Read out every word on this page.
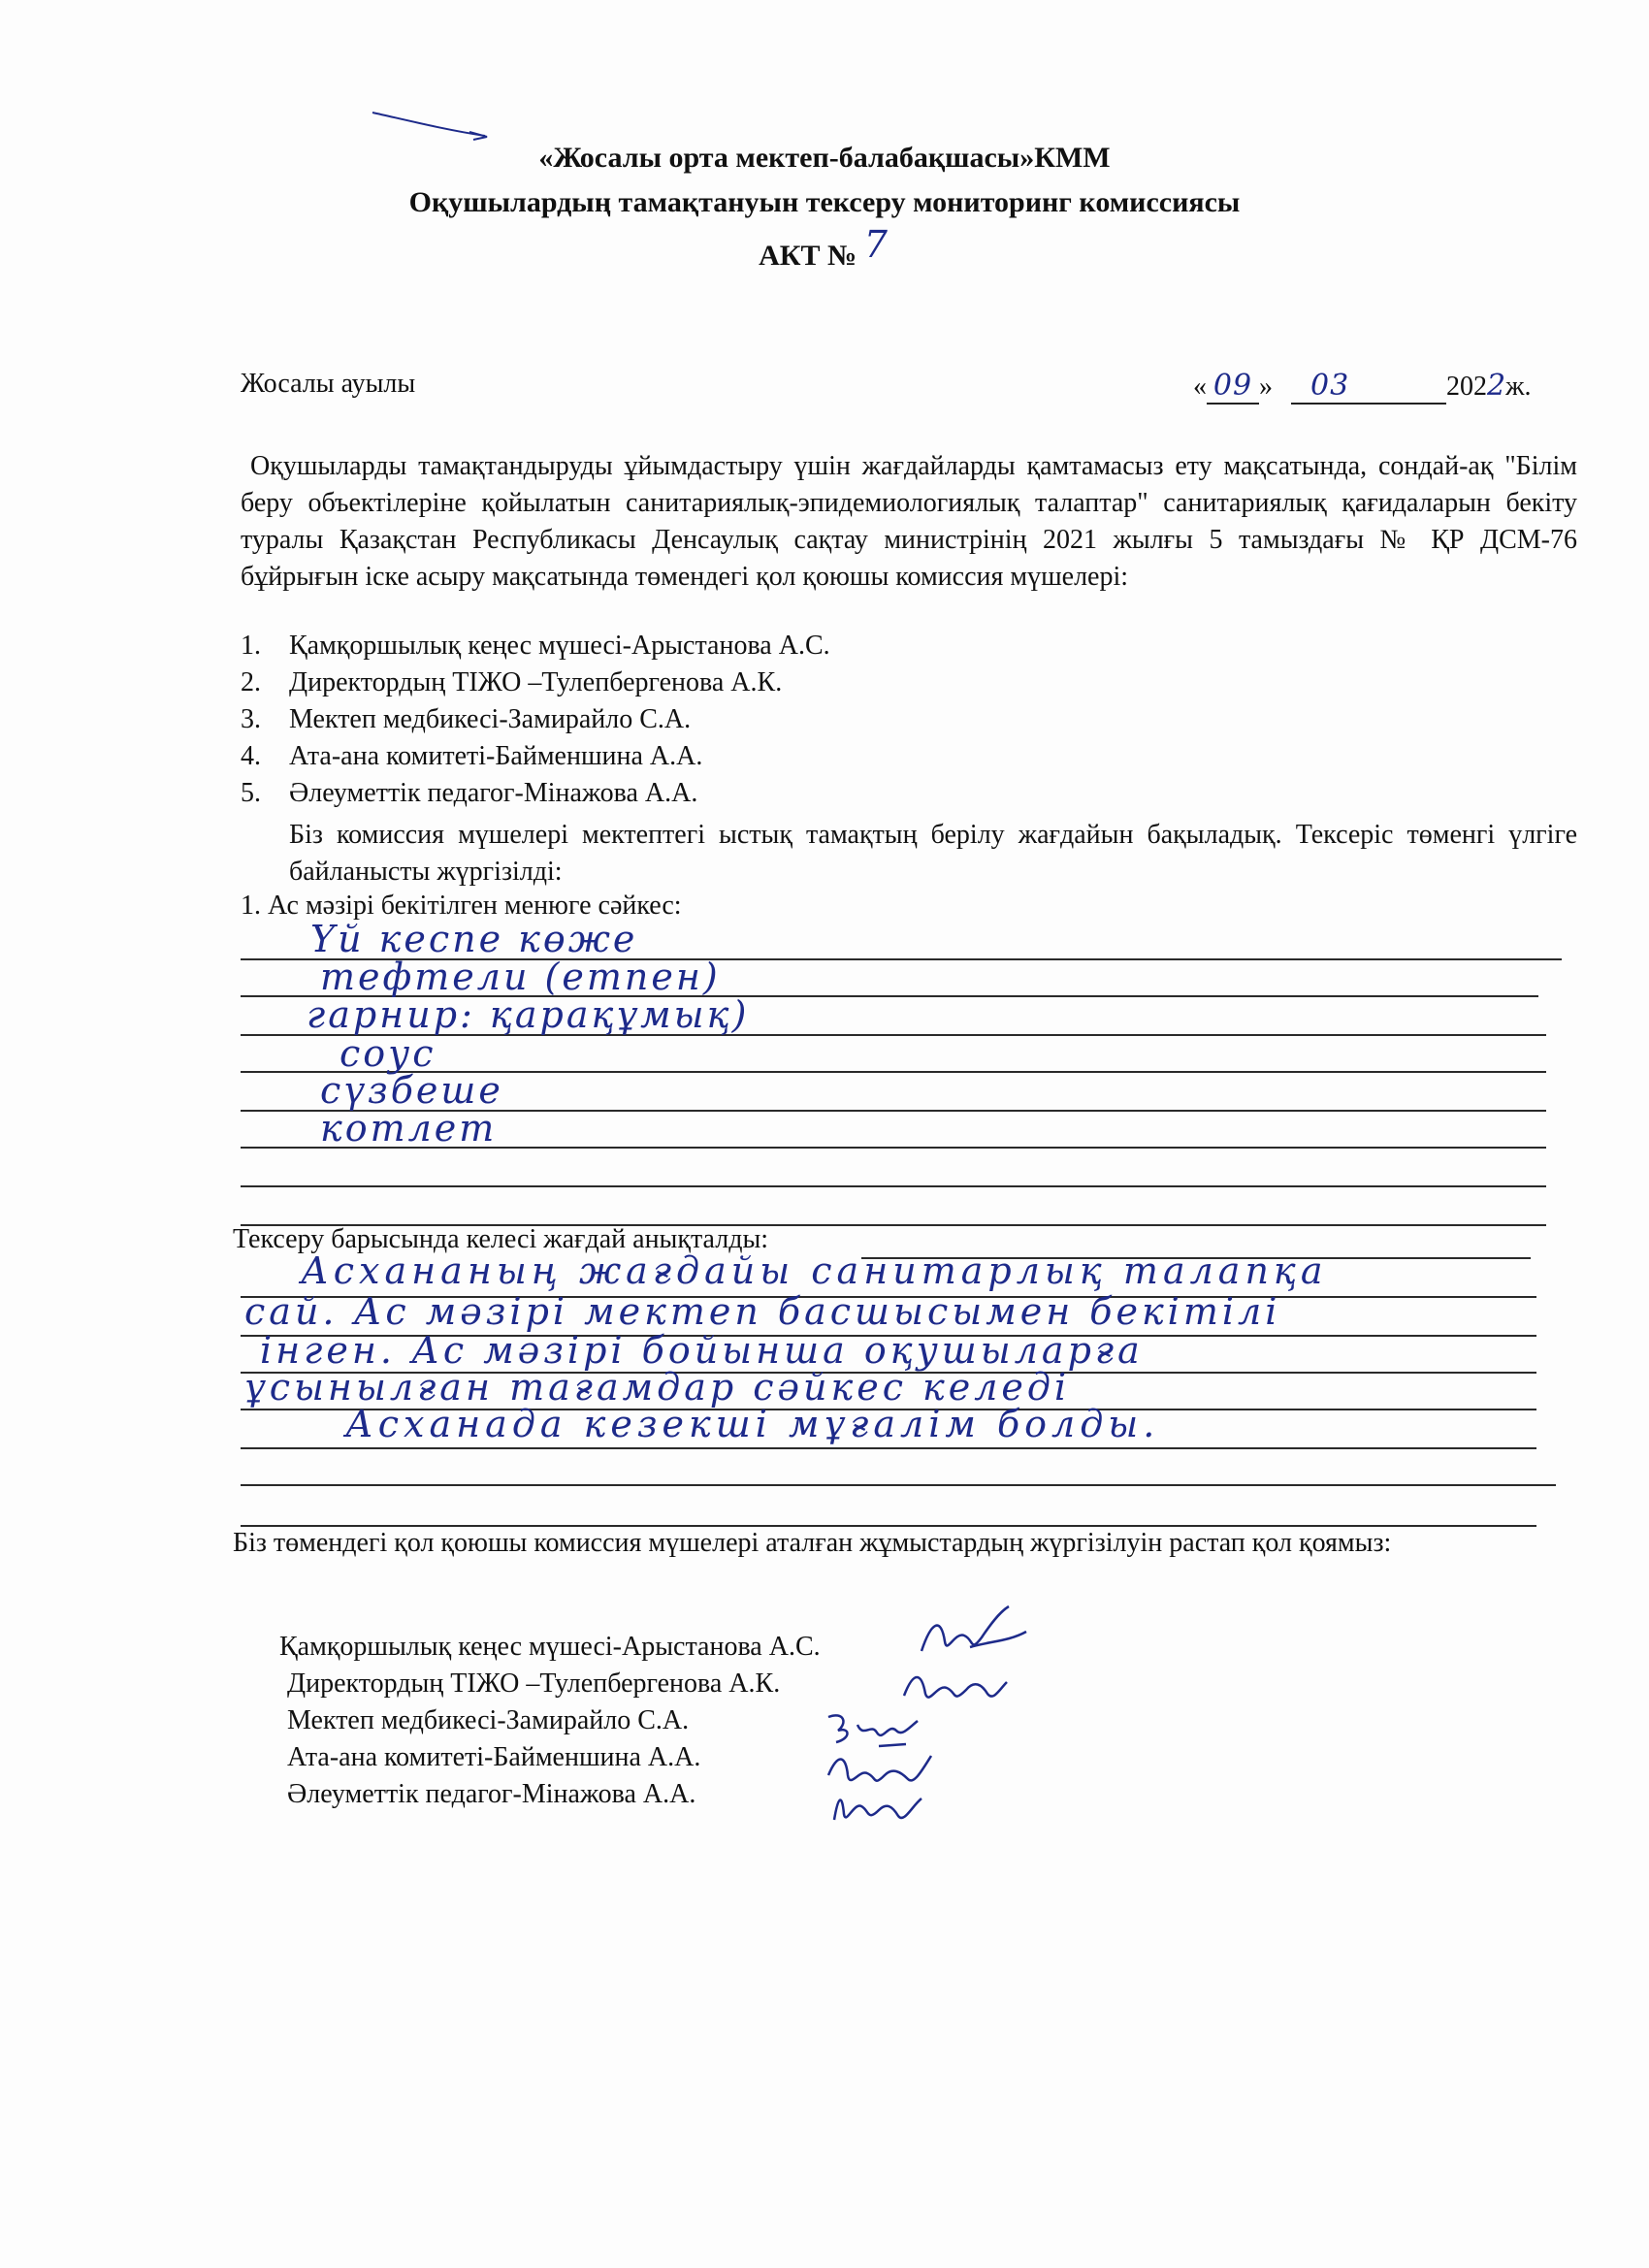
«Жосалы орта мектеп-балабақшасы»КММ
Оқушылардың тамақтануын тексеру мониторинг комиссиясы
АКТ № 7
Жосалы ауылы	« 09 » 03	2022ж.
Оқушыларды тамақтандыруды ұйымдастыру үшін жағдайларды қамтамасыз ету мақсатында, сондай-ақ "Білім беру объектілеріне қойылатын санитариялық-эпидемиологиялық талаптар" санитариялық қағидаларын бекіту туралы Қазақстан Республикасы Денсаулық сақтау министрінің 2021 жылғы 5 тамыздағы № ҚР ДСМ-76 бұйрығын іске асыру мақсатында төмендегі қол қоюшы комиссия мүшелері:
1. Қамқоршылық кеңес мүшесі-Арыстанова А.С.
2. Директордың ТІЖО –Тулепбергенова А.К.
3. Мектеп медбикесі-Замирайло С.А.
4. Ата-ана комитеті-Байменшина А.А.
5. Әлеуметтік педагог-Мінажова А.А.
Біз комиссия мүшелері мектептегі ыстық тамақтың берілу жағдайын бақыладық. Тексеріс төменгі үлгіге байланысты жүргізілді:
1. Ас мәзірі бекітілген менюге сәйкес:
Үй кеспе көже
тефтели (етпен)
гарнир: қарақұмық)
соус
сүзбеше
котлет
Тексеру барысында келесі жағдай анықталды:
Асхананың жағдайы санитарлық талапқа
сай. Ас мәзірі мектеп басшысымен бекітілі
інген. Ас мәзірі бойынша оқушыларға
ұсынылған тағамдар сәйкес келеді
Асханада кезекші мұғалім болды.
Біз төмендегі қол қоюшы комиссия мүшелері аталған жұмыстардың жүргізілуін растап қол қоямыз:
Қамқоршылық кеңес мүшесі-Арыстанова А.С.
Директордың ТІЖО –Тулепбергенова А.К.
Мектеп медбикесі-Замирайло С.А.
Ата-ана комитеті-Байменшина А.А.
Әлеуметтік педагог-Мінажова А.А.
